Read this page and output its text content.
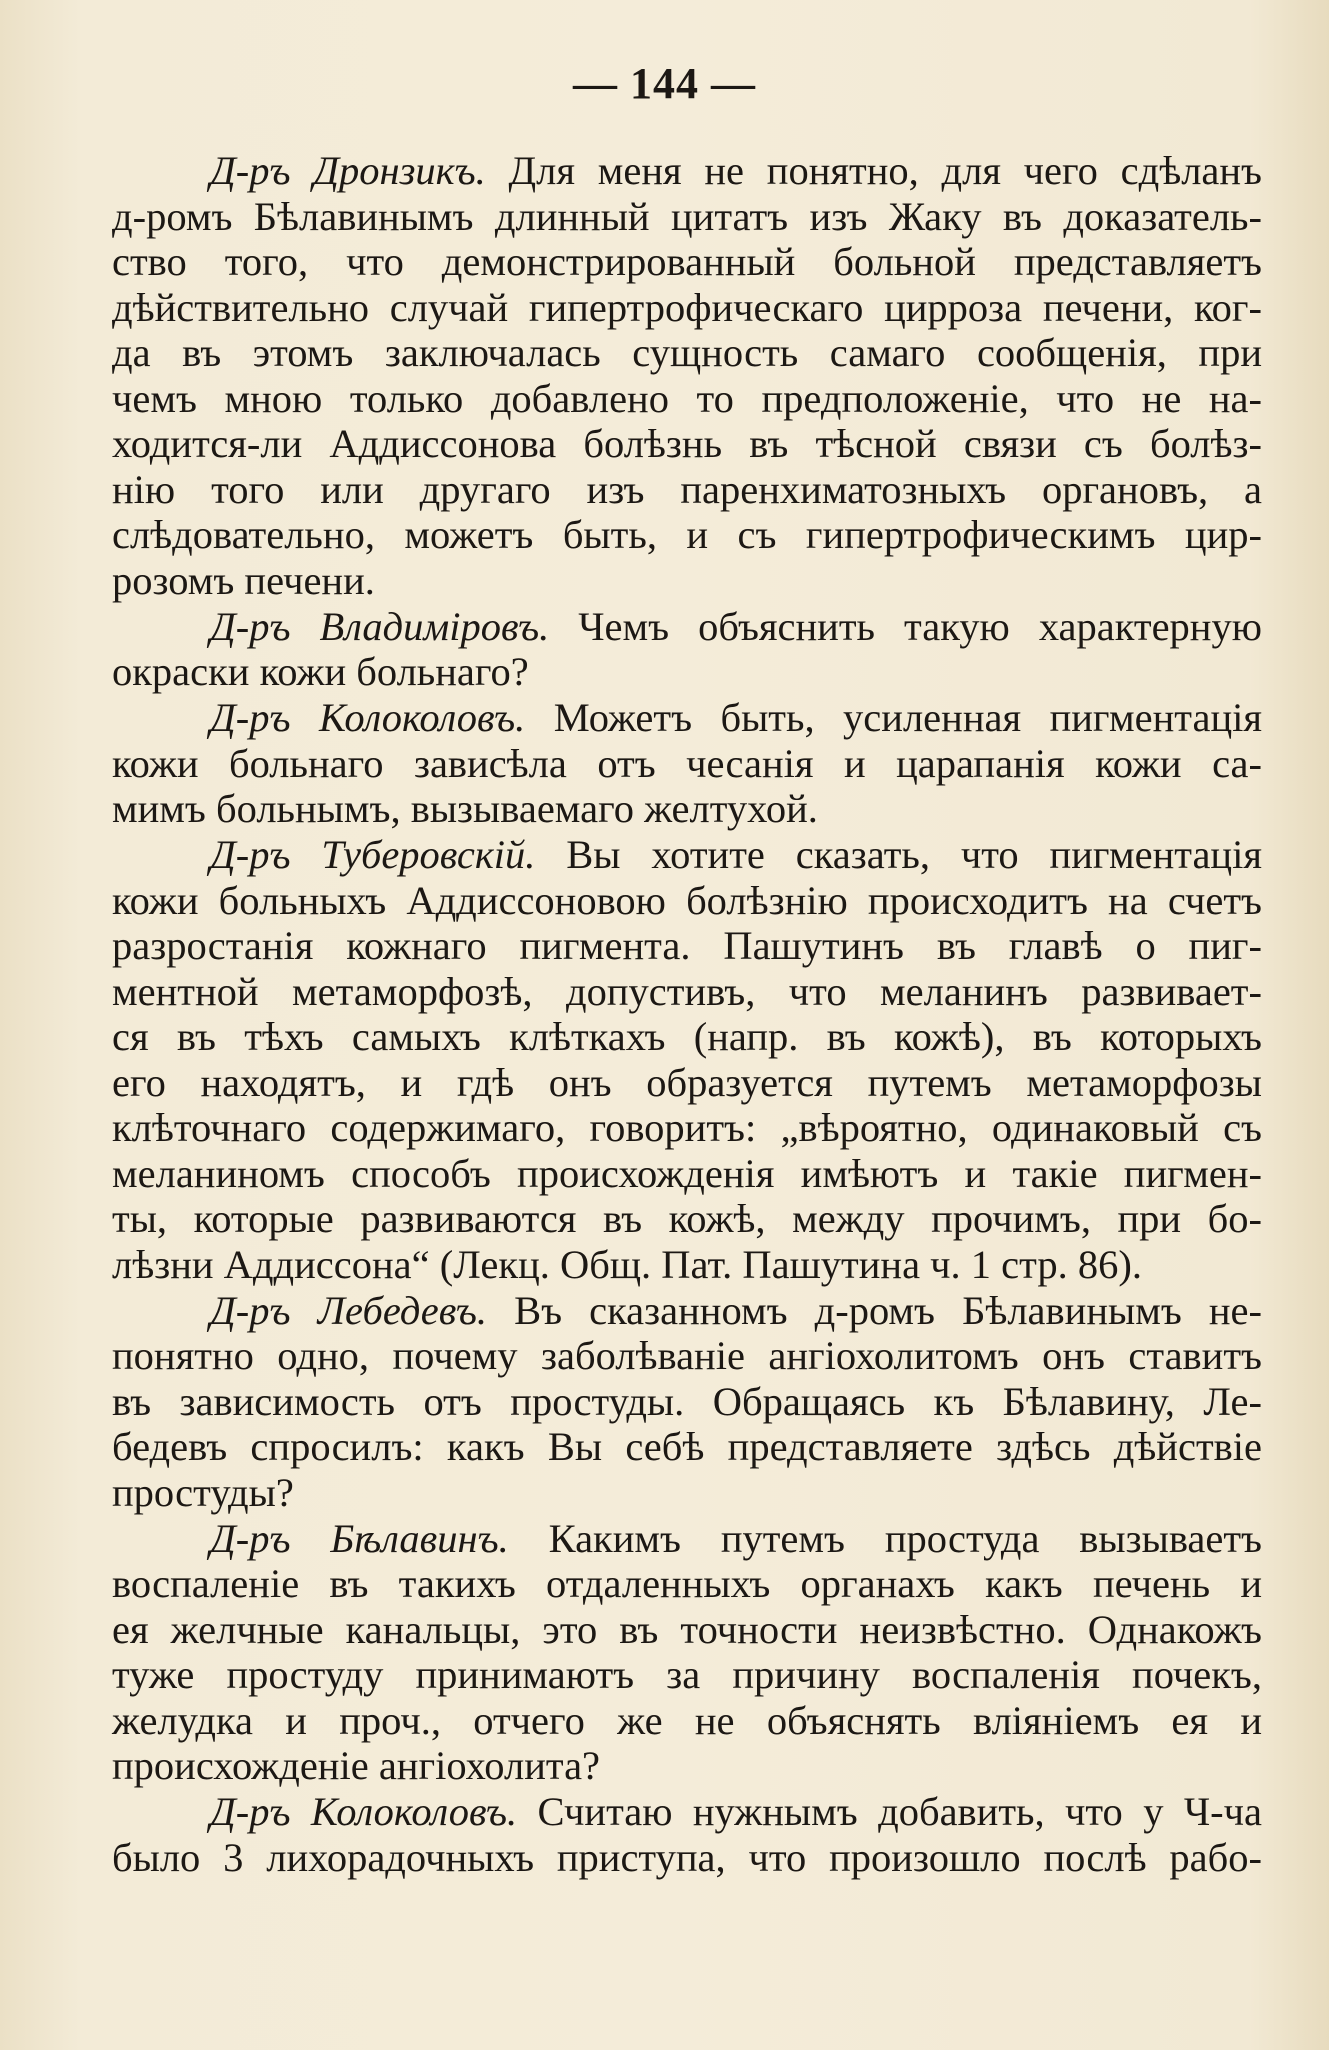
— 144 —
Д-ръ Дронзикъ. Для меня не понятно, для чего сдѣланъ
д-ромъ Бѣлавинымъ длинный цитатъ изъ Жаку въ доказатель-
ство того, что демонстрированный больной представляетъ
дѣйствительно случай гипертрофическаго цирроза печени, ког-
да въ этомъ заключалась сущность самаго сообщенія, при
чемъ мною только добавлено то предположеніе, что не на-
ходится-ли Аддиссонова болѣзнь въ тѣсной связи съ болѣз-
нію того или другаго изъ паренхиматозныхъ органовъ, а
слѣдовательно, можетъ быть, и съ гипертрофическимъ цир-
розомъ печени.
Д-ръ Владиміровъ. Чемъ объяснить такую характерную
окраски кожи больнаго?
Д-ръ Колоколовъ. Можетъ быть, усиленная пигментація
кожи больнаго зависѣла отъ чесанія и царапанія кожи са-
мимъ больнымъ, вызываемаго желтухой.
Д-ръ Туберовскій. Вы хотите сказать, что пигментація
кожи больныхъ Аддиссоновою болѣзнію происходитъ на счетъ
разростанія кожнаго пигмента. Пашутинъ въ главѣ о пиг-
ментной метаморфозѣ, допустивъ, что меланинъ развивает-
ся въ тѣхъ самыхъ клѣткахъ (напр. въ кожѣ), въ которыхъ
его находятъ, и гдѣ онъ образуется путемъ метаморфозы
клѣточнаго содержимаго, говоритъ: „вѣроятно, одинаковый съ
меланиномъ способъ происхожденія имѣютъ и такіе пигмен-
ты, которые развиваются въ кожѣ, между прочимъ, при бо-
лѣзни Аддиссона“ (Лекц. Общ. Пат. Пашутина ч. 1 стр. 86).
Д-ръ Лебедевъ. Въ сказанномъ д-ромъ Бѣлавинымъ не-
понятно одно, почему заболѣваніе ангіохолитомъ онъ ставитъ
въ зависимость отъ простуды. Обращаясь къ Бѣлавину, Ле-
бедевъ спросилъ: какъ Вы себѣ представляете здѣсь дѣйствіе
простуды?
Д-ръ Бѣлавинъ. Какимъ путемъ простуда вызываетъ
воспаленіе въ такихъ отдаленныхъ органахъ какъ печень и
ея желчные канальцы, это въ точности неизвѣстно. Однакожъ
туже простуду принимаютъ за причину воспаленія почекъ,
желудка и проч., отчего же не объяснять вліяніемъ ея и
происхожденіе ангіохолита?
Д-ръ Колоколовъ. Считаю нужнымъ добавить, что у Ч-ча
было 3 лихорадочныхъ приступа, что произошло послѣ рабо-
